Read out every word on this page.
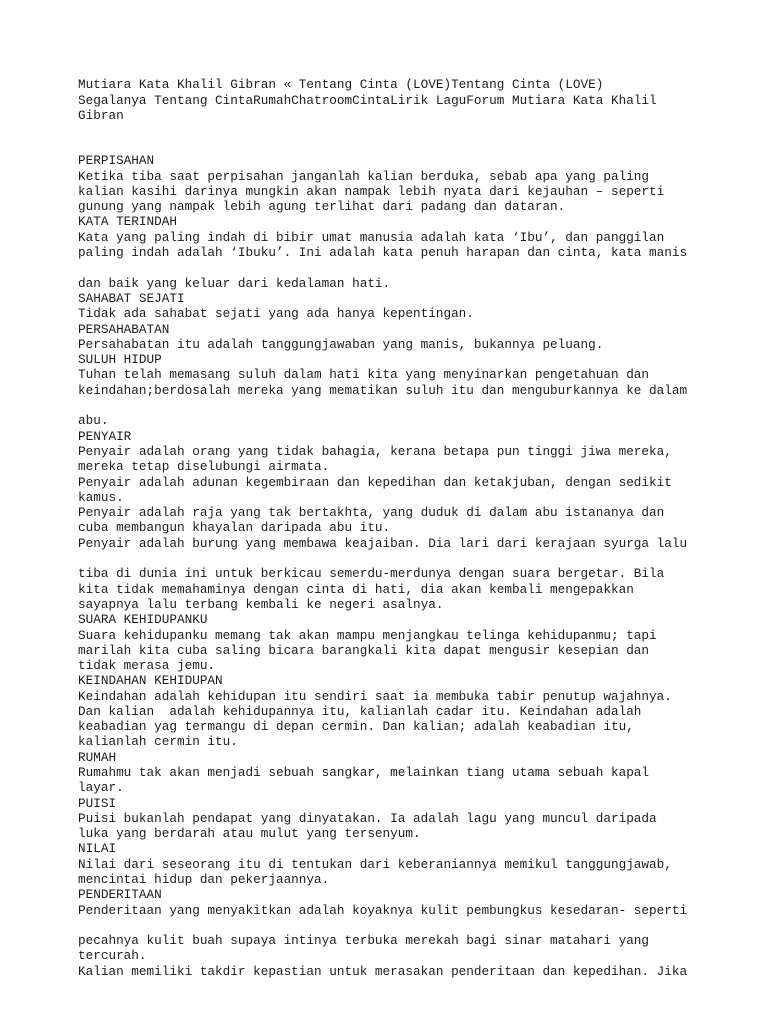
Mutiara Kata Khalil Gibran « Tentang Cinta (LOVE)Tentang Cinta (LOVE)
Segalanya Tentang CintaRumahChatroomCintaLirik LaguForum Mutiara Kata Khalil
Gibran
PERPISAHAN
Ketika tiba saat perpisahan janganlah kalian berduka, sebab apa yang paling
kalian kasihi darinya mungkin akan nampak lebih nyata dari kejauhan – seperti
gunung yang nampak lebih agung terlihat dari padang dan dataran.
KATA TERINDAH
Kata yang paling indah di bibir umat manusia adalah kata ‘Ibu’, dan panggilan
paling indah adalah ‘Ibuku’. Ini adalah kata penuh harapan dan cinta, kata manis
dan baik yang keluar dari kedalaman hati.
SAHABAT SEJATI
Tidak ada sahabat sejati yang ada hanya kepentingan.
PERSAHABATAN
Persahabatan itu adalah tanggungjawaban yang manis, bukannya peluang.
SULUH HIDUP
Tuhan telah memasang suluh dalam hati kita yang menyinarkan pengetahuan dan
keindahan;berdosalah mereka yang mematikan suluh itu dan menguburkannya ke dalam
abu.
PENYAIR
Penyair adalah orang yang tidak bahagia, kerana betapa pun tinggi jiwa mereka,
mereka tetap diselubungi airmata.
Penyair adalah adunan kegembiraan dan kepedihan dan ketakjuban, dengan sedikit
kamus.
Penyair adalah raja yang tak bertakhta, yang duduk di dalam abu istananya dan
cuba membangun khayalan daripada abu itu.
Penyair adalah burung yang membawa keajaiban. Dia lari dari kerajaan syurga lalu
tiba di dunia ini untuk berkicau semerdu-merdunya dengan suara bergetar. Bila
kita tidak memahaminya dengan cinta di hati, dia akan kembali mengepakkan
sayapnya lalu terbang kembali ke negeri asalnya.
SUARA KEHIDUPANKU
Suara kehidupanku memang tak akan mampu menjangkau telinga kehidupanmu; tapi
marilah kita cuba saling bicara barangkali kita dapat mengusir kesepian dan
tidak merasa jemu.
KEINDAHAN KEHIDUPAN
Keindahan adalah kehidupan itu sendiri saat ia membuka tabir penutup wajahnya.
Dan kalian  adalah kehidupannya itu, kalianlah cadar itu. Keindahan adalah
keabadian yag termangu di depan cermin. Dan kalian; adalah keabadian itu,
kalianlah cermin itu.
RUMAH
Rumahmu tak akan menjadi sebuah sangkar, melainkan tiang utama sebuah kapal
layar.
PUISI
Puisi bukanlah pendapat yang dinyatakan. Ia adalah lagu yang muncul daripada
luka yang berdarah atau mulut yang tersenyum.
NILAI
Nilai dari seseorang itu di tentukan dari keberaniannya memikul tanggungjawab,
mencintai hidup dan pekerjaannya.
PENDERITAAN
Penderitaan yang menyakitkan adalah koyaknya kulit pembungkus kesedaran- seperti
pecahnya kulit buah supaya intinya terbuka merekah bagi sinar matahari yang
tercurah.
Kalian memiliki takdir kepastian untuk merasakan penderitaan dan kepedihan. Jika
